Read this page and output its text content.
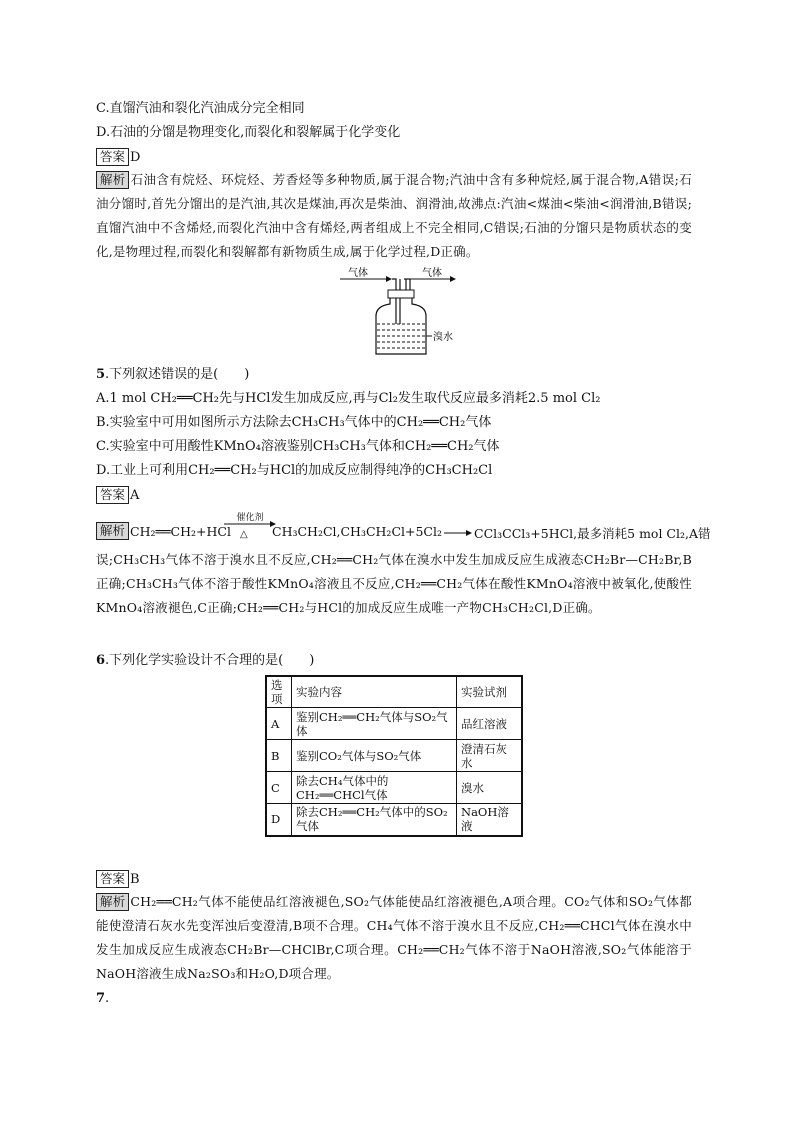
C.直馏汽油和裂化汽油成分完全相同
D.石油的分馏是物理变化,而裂化和裂解属于化学变化
答案 D
解析 石油含有烷烃、环烷烃、芳香烃等多种物质,属于混合物;汽油中含有多种烷烃,属于混合物,A错误;石油分馏时,首先分馏出的是汽油,其次是煤油,再次是柴油、润滑油,故沸点:汽油<煤油<柴油<润滑油,B错误;直馏汽油中不含烯烃,而裂化汽油中含有烯烃,两者组成上不完全相同,C错误;石油的分馏只是物质状态的变化,是物理过程,而裂化和裂解都有新物质生成,属于化学过程,D正确。
气体	气体
溴水
5.下列叙述错误的是(　　)
A.1 mol CH₂══CH₂先与HCl发生加成反应,再与Cl₂发生取代反应最多消耗2.5 mol Cl₂
B.实验室中可用如图所示方法除去CH₃CH₃气体中的CH₂══CH₂气体
C.实验室中可用酸性KMnO₄溶液鉴别CH₃CH₃气体和CH₂══CH₂气体
D.工业上可利用CH₂══CH₂与HCl的加成反应制得纯净的CH₃CH₂Cl
答案 A
解析 CH₂══CH₂+HCl
催化剂
△ CH₃CH₂Cl,CH₃CH₂Cl+5Cl₂ → CCl₃CCl₃+5HCl,最多消耗5 mol Cl₂,A错
误;CH₃CH₃气体不溶于溴水且不反应,CH₂══CH₂气体在溴水中发生加成反应生成液态CH₂Br—CH₂Br,B正确;CH₃CH₃气体不溶于酸性KMnO₄溶液且不反应,CH₂══CH₂气体在酸性KMnO₄溶液中被氧化,使酸性KMnO₄溶液褪色,C正确;CH₂══CH₂与HCl的加成反应生成唯一产物CH₃CH₂Cl,D正确。
6.下列化学实验设计不合理的是(　　)
选项	实验内容	实验试剂
A	鉴别CH₂══CH₂气体与SO₂气体	品红溶液
B	鉴别CO₂气体与SO₂气体	澄清石灰水
C	除去CH₄气体中的CH₂══CHCl气体	溴水
D	除去CH₂══CH₂气体中的SO₂气体	NaOH溶液
答案 B
解析 CH₂══CH₂气体不能使品红溶液褪色,SO₂气体能使品红溶液褪色,A项合理。CO₂气体和SO₂气体都能使澄清石灰水先变浑浊后变澄清,B项不合理。CH₄气体不溶于溴水且不反应,CH₂══CHCl气体在溴水中发生加成反应生成液态CH₂Br—CHClBr,C项合理。CH₂══CH₂气体不溶于NaOH溶液,SO₂气体能溶于NaOH溶液生成Na₂SO₃和H₂O,D项合理。
7.
